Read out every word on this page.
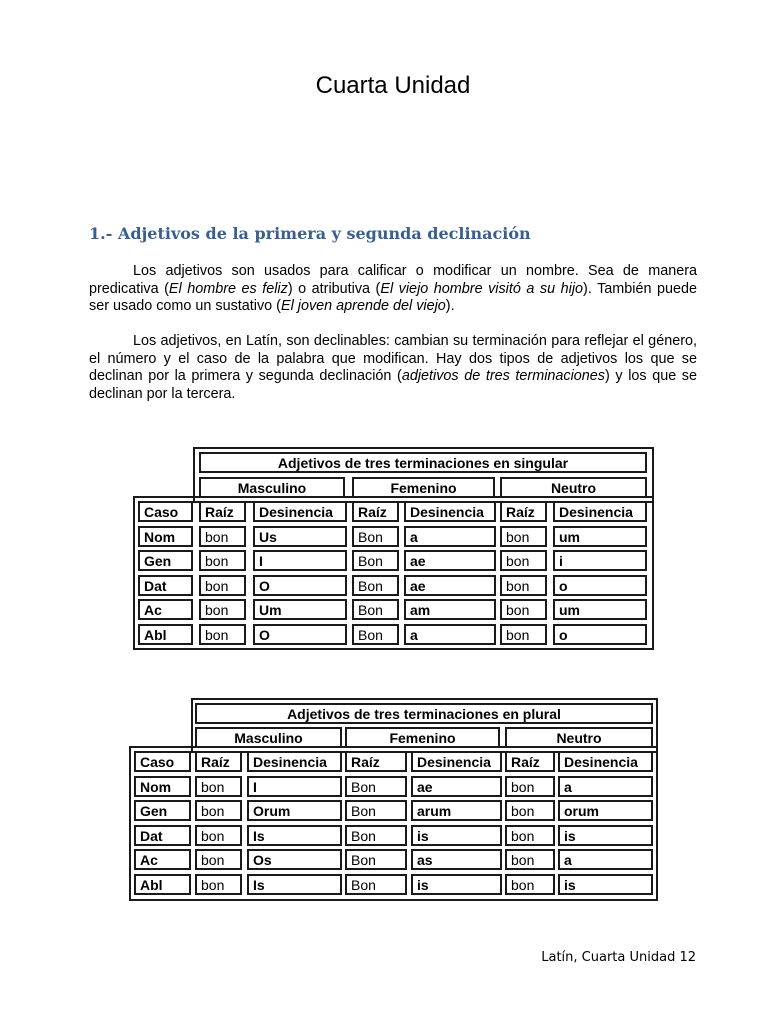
Cuarta Unidad
1.- Adjetivos de la primera y segunda declinación

Los adjetivos son usados para calificar o modificar un nombre. Sea de manera predicativa (El hombre es feliz) o atributiva (El viejo hombre visitó a su hijo). También puede ser usado como un sustativo (El joven aprende del viejo).

Los adjetivos, en Latín, son declinables: cambian su terminación para reflejar el género, el número y el caso de la palabra que modifican. Hay dos tipos de adjetivos los que se declinan por la primera y segunda declinación (adjetivos de tres terminaciones) y los que se declinan por la tercera.

Latín, Cuarta Unidad 12
Adjetivos de tres terminaciones en singular
Masculino	Femenino	Neutro
Caso	Raíz	Desinencia	Raíz	Desinencia	Raíz	Desinencia
Nom	bon	Us	Bon	a	bon	um
Gen	bon	I	Bon	ae	bon	i
Dat	bon	O	Bon	ae	bon	o
Ac	bon	Um	Bon	am	bon	um
Abl	bon	O	Bon	a	bon	o
Adjetivos de tres terminaciones en plural
Masculino	Femenino	Neutro
Caso	Raíz	Desinencia	Raíz	Desinencia	Raíz	Desinencia
Nom	bon	I	Bon	ae	bon	a
Gen	bon	Orum	Bon	arum	bon	orum
Dat	bon	Is	Bon	is	bon	is
Ac	bon	Os	Bon	as	bon	a
Abl	bon	Is	Bon	is	bon	is
